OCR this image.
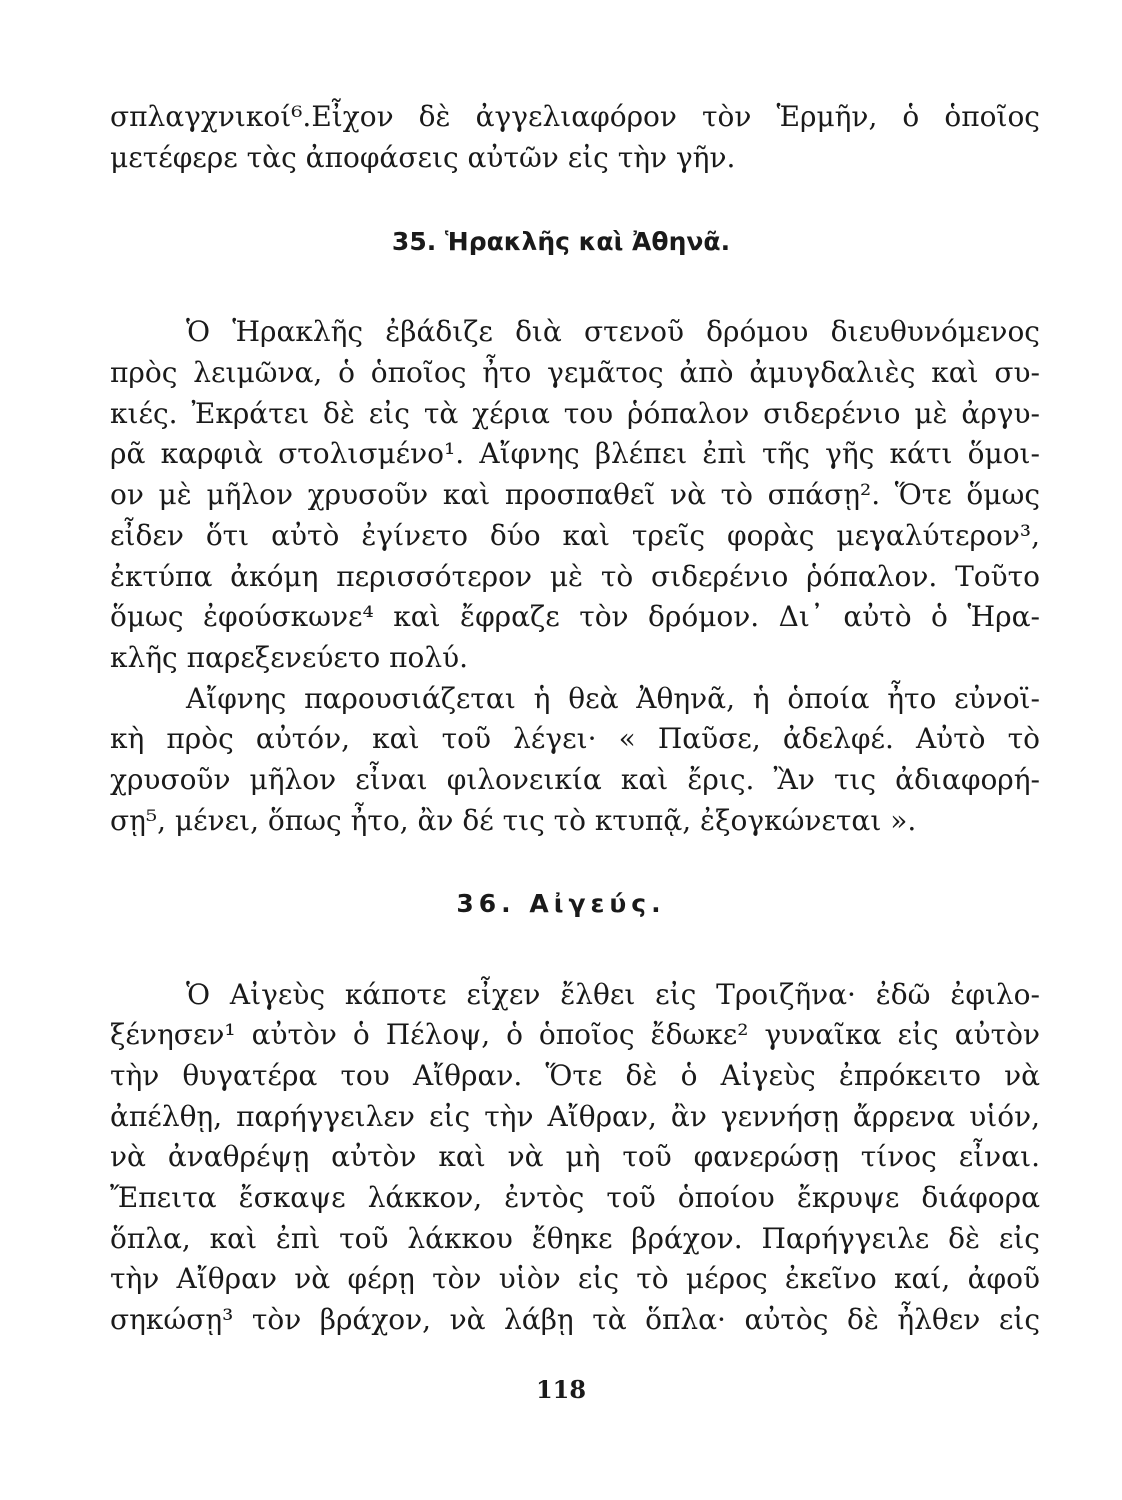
σπλαγχνικοί⁶.Εἶχον δὲ ἀγγελιαφόρον τὸν Ἑρμῆν, ὁ ὁποῖος
μετέφερε τὰς ἀποφάσεις αὐτῶν εἰς τὴν γῆν.
35. Ἡρακλῆς καὶ Ἀθηνᾶ.
Ὁ Ἡρακλῆς ἐβάδιζε διὰ στενοῦ δρόμου διευθυνόμενος
πρὸς λειμῶνα, ὁ ὁποῖος ἦτο γεμᾶτος ἀπὸ ἀμυγδαλιὲς καὶ συ-
κιές. Ἐκράτει δὲ εἰς τὰ χέρια του ῥόπαλον σιδερένιο μὲ ἀργυ-
ρᾶ καρφιὰ στολισμένο¹. Αἴφνης βλέπει ἐπὶ τῆς γῆς κάτι ὅμοι-
ον μὲ μῆλον χρυσοῦν καὶ προσπαθεῖ νὰ τὸ σπάσῃ². Ὅτε ὅμως
εἶδεν ὅτι αὐτὸ ἐγίνετο δύο καὶ τρεῖς φορὰς μεγαλύτερον³,
ἐκτύπα ἀκόμη περισσότερον μὲ τὸ σιδερένιο ῥόπαλον. Τοῦτο
ὅμως ἐφούσκωνε⁴ καὶ ἔφραζε τὸν δρόμον. Δι᾿ αὐτὸ ὁ Ἡρα-
κλῆς παρεξενεύετο πολύ.
Αἴφνης παρουσιάζεται ἡ θεὰ Ἀθηνᾶ, ἡ ὁποία ἦτο εὐνοϊ-
κὴ πρὸς αὐτόν, καὶ τοῦ λέγει· « Παῦσε, ἀδελφέ. Αὐτὸ τὸ
χρυσοῦν μῆλον εἶναι φιλονεικία καὶ ἔρις. Ἂν τις ἀδιαφορή-
σῃ⁵, μένει, ὅπως ἦτο, ἂν δέ τις τὸ κτυπᾷ, ἐξογκώνεται ».
36. Αἰγεύς.
Ὁ Αἰγεὺς κάποτε εἶχεν ἔλθει εἰς Τροιζῆνα· ἐδῶ ἐφιλο-
ξένησεν¹ αὐτὸν ὁ Πέλοψ, ὁ ὁποῖος ἔδωκε² γυναῖκα εἰς αὐτὸν
τὴν θυγατέρα του Αἴθραν. Ὅτε δὲ ὁ Αἰγεὺς ἐπρόκειτο νὰ
ἀπέλθῃ, παρήγγειλεν εἰς τὴν Αἴθραν, ἂν γεννήσῃ ἄρρενα υἱόν,
νὰ ἀναθρέψῃ αὐτὸν καὶ νὰ μὴ τοῦ φανερώσῃ τίνος εἶναι.
Ἔπειτα ἔσκαψε λάκκον, ἐντὸς τοῦ ὁποίου ἔκρυψε διάφορα
ὅπλα, καὶ ἐπὶ τοῦ λάκκου ἔθηκε βράχον. Παρήγγειλε δὲ εἰς
τὴν Αἴθραν νὰ φέρῃ τὸν υἱὸν εἰς τὸ μέρος ἐκεῖνο καί, ἀφοῦ
σηκώσῃ³ τὸν βράχον, νὰ λάβῃ τὰ ὅπλα· αὐτὸς δὲ ἦλθεν εἰς
118
